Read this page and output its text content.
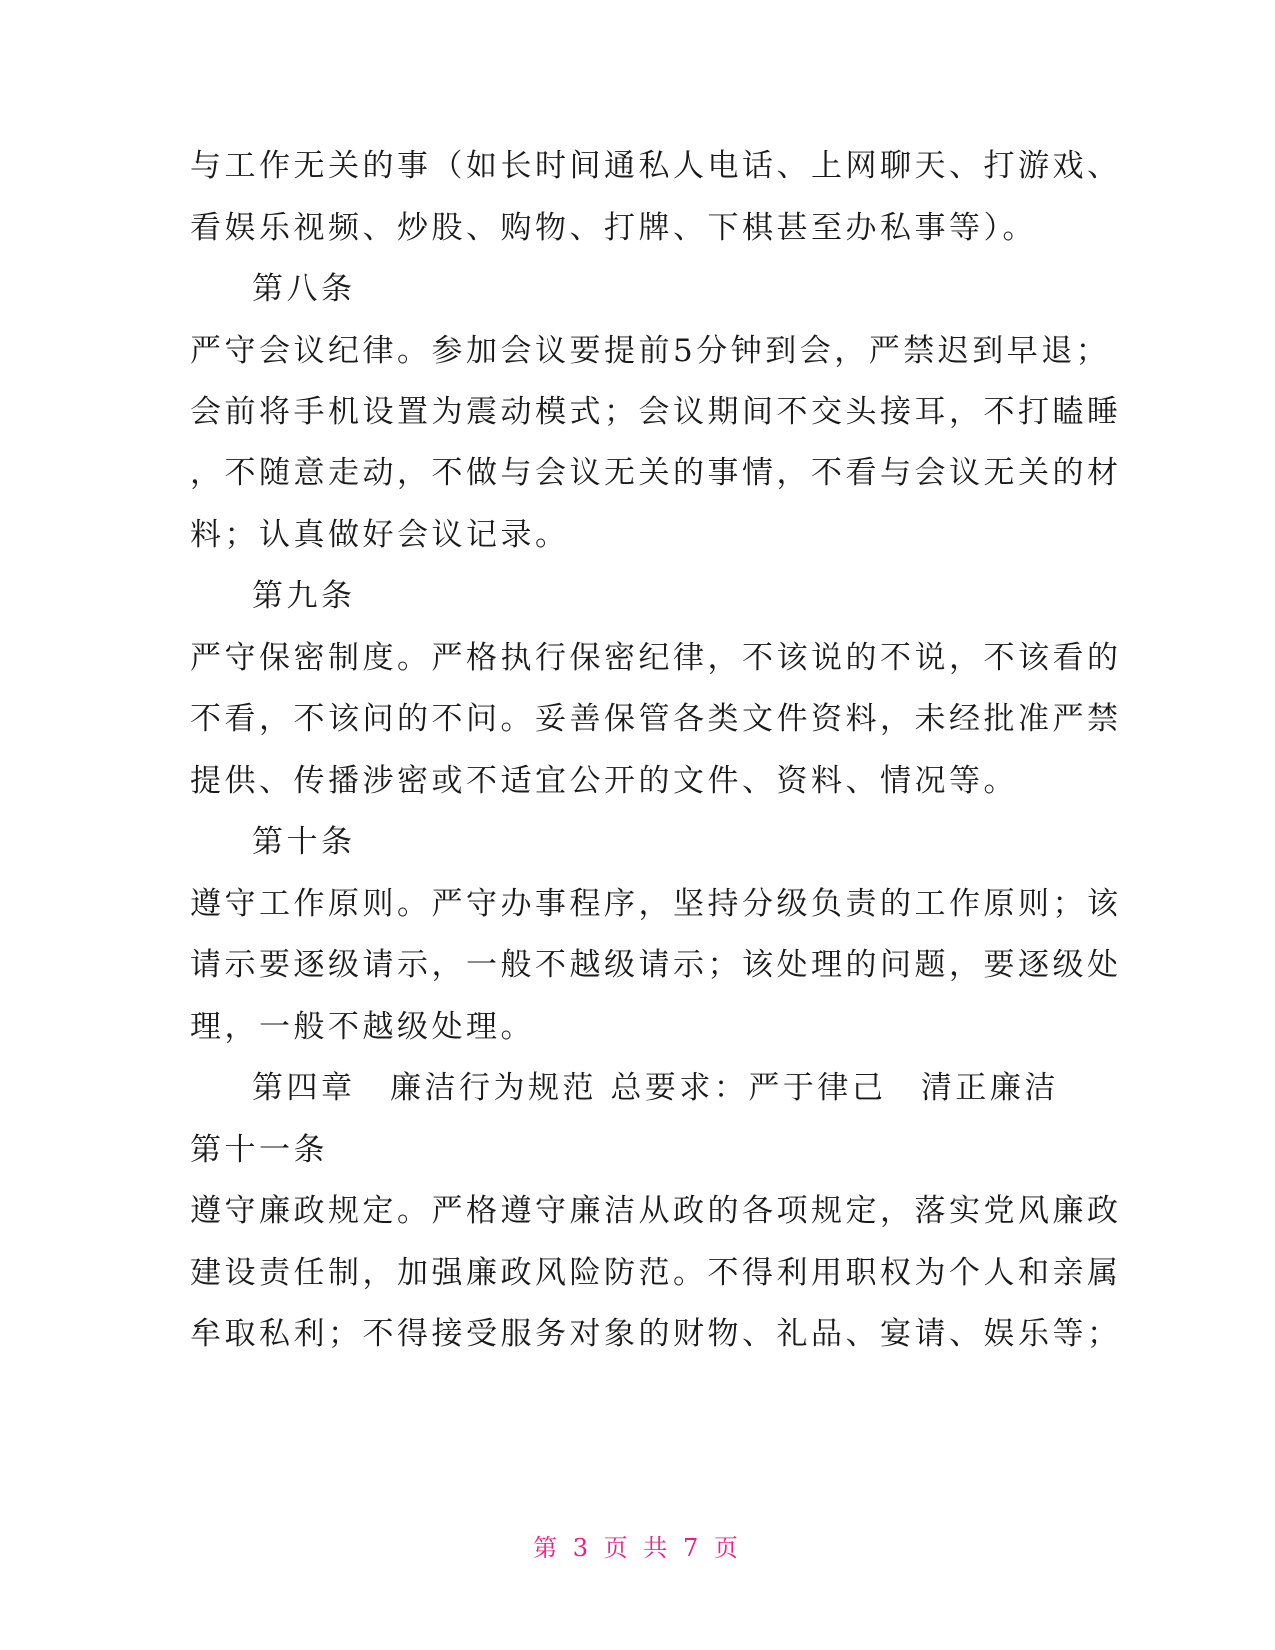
与工作无关的事（如长时间通私人电话、上网聊天、打游戏、
看娱乐视频、炒股、购物、打牌、下棋甚至办私事等）。
第八条
严守会议纪律。参加会议要提前5分钟到会，严禁迟到早退；
会前将手机设置为震动模式；会议期间不交头接耳，不打瞌睡
，不随意走动，不做与会议无关的事情，不看与会议无关的材
料；认真做好会议记录。
第九条
严守保密制度。严格执行保密纪律，不该说的不说，不该看的
不看，不该问的不问。妥善保管各类文件资料，未经批准严禁
提供、传播涉密或不适宜公开的文件、资料、情况等。
第十条
遵守工作原则。严守办事程序，坚持分级负责的工作原则；该
请示要逐级请示，一般不越级请示；该处理的问题，要逐级处
理，一般不越级处理。
第四章　廉洁行为规范 总要求：严于律己　清正廉洁
第十一条
遵守廉政规定。严格遵守廉洁从政的各项规定，落实党风廉政
建设责任制，加强廉政风险防范。不得利用职权为个人和亲属
牟取私利；不得接受服务对象的财物、礼品、宴请、娱乐等；
第 3 页 共 7 页
